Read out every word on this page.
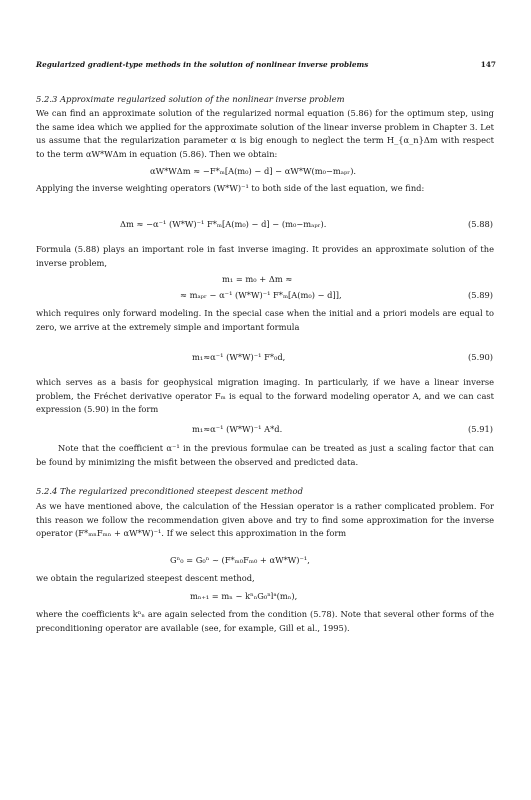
Regularized gradient-type methods in the solution of nonlinear inverse problems	147
5.2.3 Approximate regularized solution of the nonlinear inverse problem
We can find an approximate solution of the regularized normal equation (5.86) for the optimum step, using the same idea which we applied for the approximate solution of the linear inverse problem in Chapter 3. Let us assume that the regularization parameter α is big enough to neglect the term H_{α_n}Δm with respect to the term αW*WΔm in equation (5.86). Then we obtain:
αW*WΔm ≈ −F*ₘ[A(m₀) − d] − αW*W(m₀−mₐₚᵣ).
Applying the inverse weighting operators (W*W)⁻¹ to both side of the last equation, we find:
Δm ≈ −α⁻¹ (W*W)⁻¹ F*ₘ[A(m₀) − d] − (m₀−mₐₚᵣ).	(5.88)
Formula (5.88) plays an important role in fast inverse imaging. It provides an approximate solution of the inverse problem,
m₁ = m₀ + Δm ≈
≈ mₐₚᵣ − α⁻¹ (W*W)⁻¹ F*ₘ[A(m₀) − d]],	(5.89)
which requires only forward modeling. In the special case when the initial and a priori models are equal to zero, we arrive at the extremely simple and important formula
m₁≈α⁻¹ (W*W)⁻¹ F*₀d,	(5.90)
which serves as a basis for geophysical migration imaging. In particularly, if we have a linear inverse problem, the Fréchet derivative operator Fₘ is equal to the forward modeling operator A, and we can cast expression (5.90) in the form
m₁≈α⁻¹ (W*W)⁻¹ A*d.	(5.91)
Note that the coefficient α⁻¹ in the previous formulae can be treated as just a scaling factor that can be found by minimizing the misfit between the observed and predicted data.
5.2.4 The regularized preconditioned steepest descent method
As we have mentioned above, the calculation of the Hessian operator is a rather complicated problem. For this reason we follow the recommendation given above and try to find some approximation for the inverse operator (F*ₘₙFₘₙ + αW*W)⁻¹. If we select this approximation in the form
Gⁿ₀ = G₀ⁿ ~ (F*ₘ₀Fₘ₀ + αW*W)⁻¹,
we obtain the regularized steepest descent method,
mₙ₊₁ = mₙ − kⁿₙG₀ⁿlᵃ(mₙ),
where the coefficients kⁿₙ are again selected from the condition (5.78). Note that several other forms of the preconditioning operator are available (see, for example, Gill et al., 1995).
